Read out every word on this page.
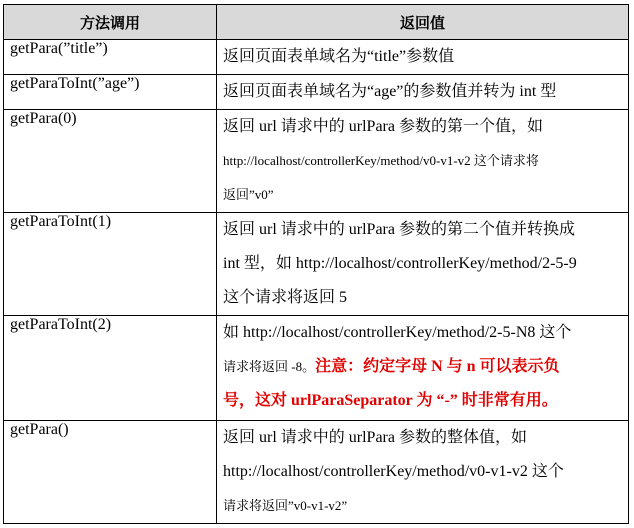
方法调用	返回值
getPara(”title”)	返回页面表单域名为“title”参数值
getParaToInt(”age”)	返回页面表单域名为“age”的参数值并转为 int 型
getPara(0)	返回 url 请求中的 urlPara 参数的第一个值，如
http://localhost/controllerKey/method/v0-v1-v2 这个请求将
返回”v0”

getParaToInt(1)	返回 url 请求中的 urlPara 参数的第二个值并转换成
int 型，如 http://localhost/controllerKey/method/2-5-9
这个请求将返回 5

getParaToInt(2)	如 http://localhost/controllerKey/method/2-5-N8 这个
请求将返回 -8。注意：约定字母 N 与 n 可以表示负
号，这对 urlParaSeparator 为 “-” 时非常有用。

getPara()	返回 url 请求中的 urlPara 参数的整体值，如
http://localhost/controllerKey/method/v0-v1-v2 这个
请求将返回”v0-v1-v2”
